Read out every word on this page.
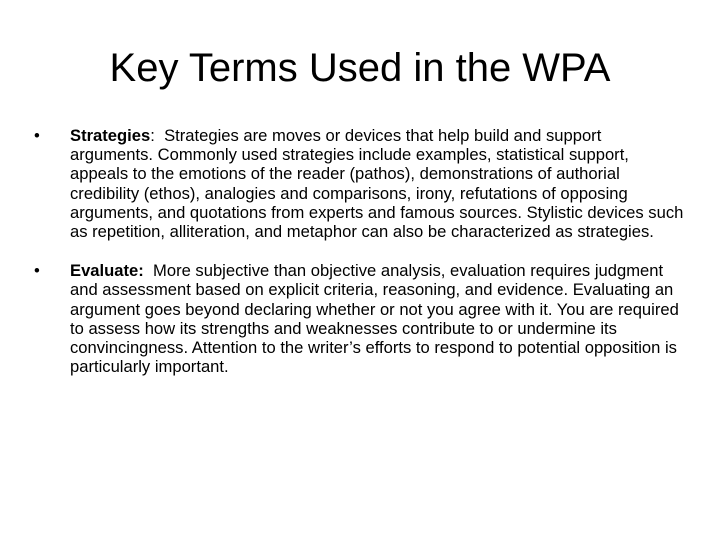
Key Terms Used in the WPA
•	Strategies:  Strategies are moves or devices that help build and support arguments. Commonly used strategies include examples, statistical support, appeals to the emotions of the reader (pathos), demonstrations of authorial credibility (ethos), analogies and comparisons, irony, refutations of opposing arguments, and quotations from experts and famous sources. Stylistic devices such as repetition, alliteration, and metaphor can also be characterized as strategies.
•	Evaluate: More subjective than objective analysis, evaluation requires judgment and assessment based on explicit criteria, reasoning, and evidence. Evaluating an argument goes beyond declaring whether or not you agree with it. You are required to assess how its strengths and weaknesses contribute to or undermine its convincingness. Attention to the writer’s efforts to respond to potential opposition is particularly important.
